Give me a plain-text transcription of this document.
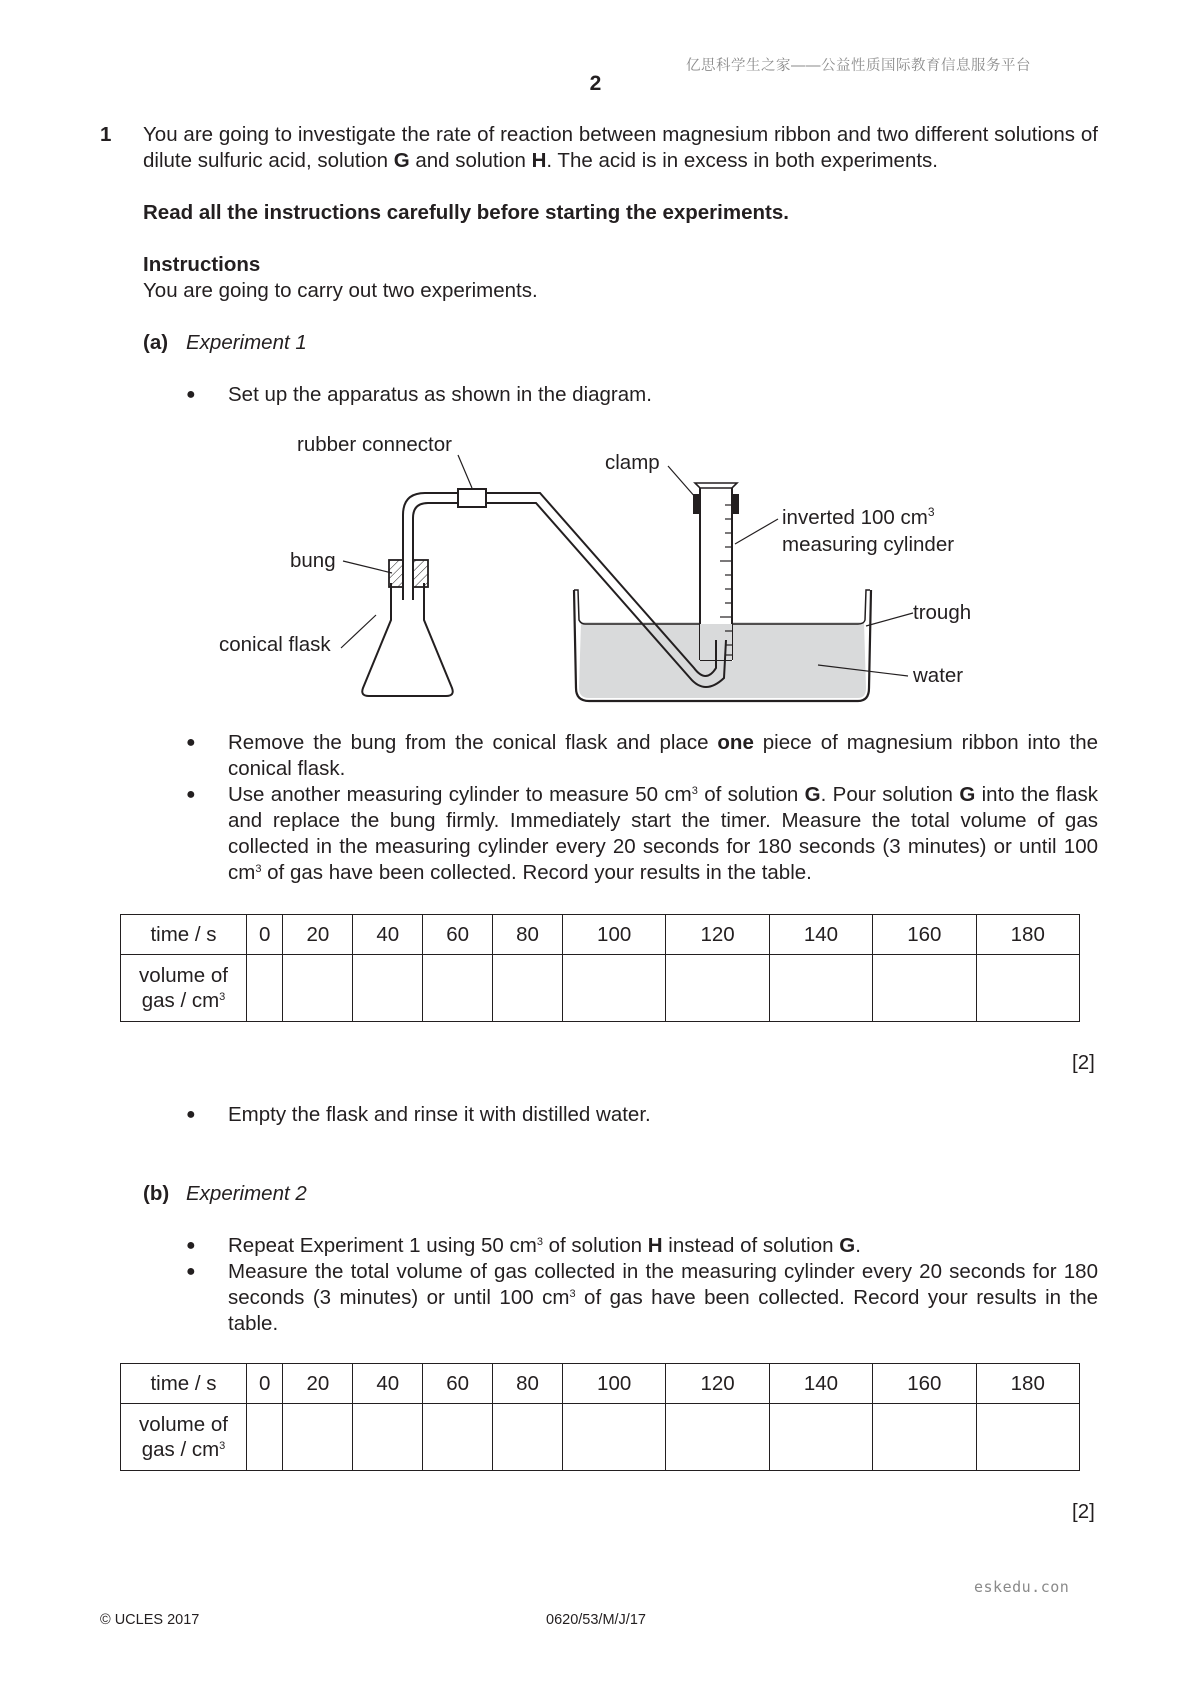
亿思科学生之家——公益性质国际教育信息服务平台
2
1 You are going to investigate the rate of reaction between magnesium ribbon and two different solutions of dilute sulfuric acid, solution G and solution H. The acid is in excess in both experiments.
Read all the instructions carefully before starting the experiments.
Instructions
You are going to carry out two experiments.
(a) Experiment 1
● Set up the apparatus as shown in the diagram.
rubber connector
clamp
inverted 100 $cm^3$
measuring cylinder
bung
trough
conical flask
water
● Remove the bung from the conical flask and place one piece of magnesium ribbon into the conical flask.
● Use another measuring cylinder to measure 50 $cm^3$ of solution G. Pour solution G into the flask and replace the bung firmly. Immediately start the timer. Measure the total volume of gas collected in the measuring cylinder every 20 seconds for 180 seconds (3 minutes) or until 100 $cm^3$ of gas have been collected. Record your results in the table.
time / s	0	20	40	60	80	100	120	140	160	180
volume of
gas / $cm^3$										
[2]
● Empty the flask and rinse it with distilled water.
(b) Experiment 2
● Repeat Experiment 1 using 50 $cm^3$ of solution H instead of solution G.
● Measure the total volume of gas collected in the measuring cylinder every 20 seconds for 180 seconds (3 minutes) or until 100 $cm^3$ of gas have been collected. Record your results in the table.
time / s	0	20	40	60	80	100	120	140	160	180
volume of
gas / $cm^3$										
[2]
eskedu.con
© UCLES 2017	0620/53/M/J/17
